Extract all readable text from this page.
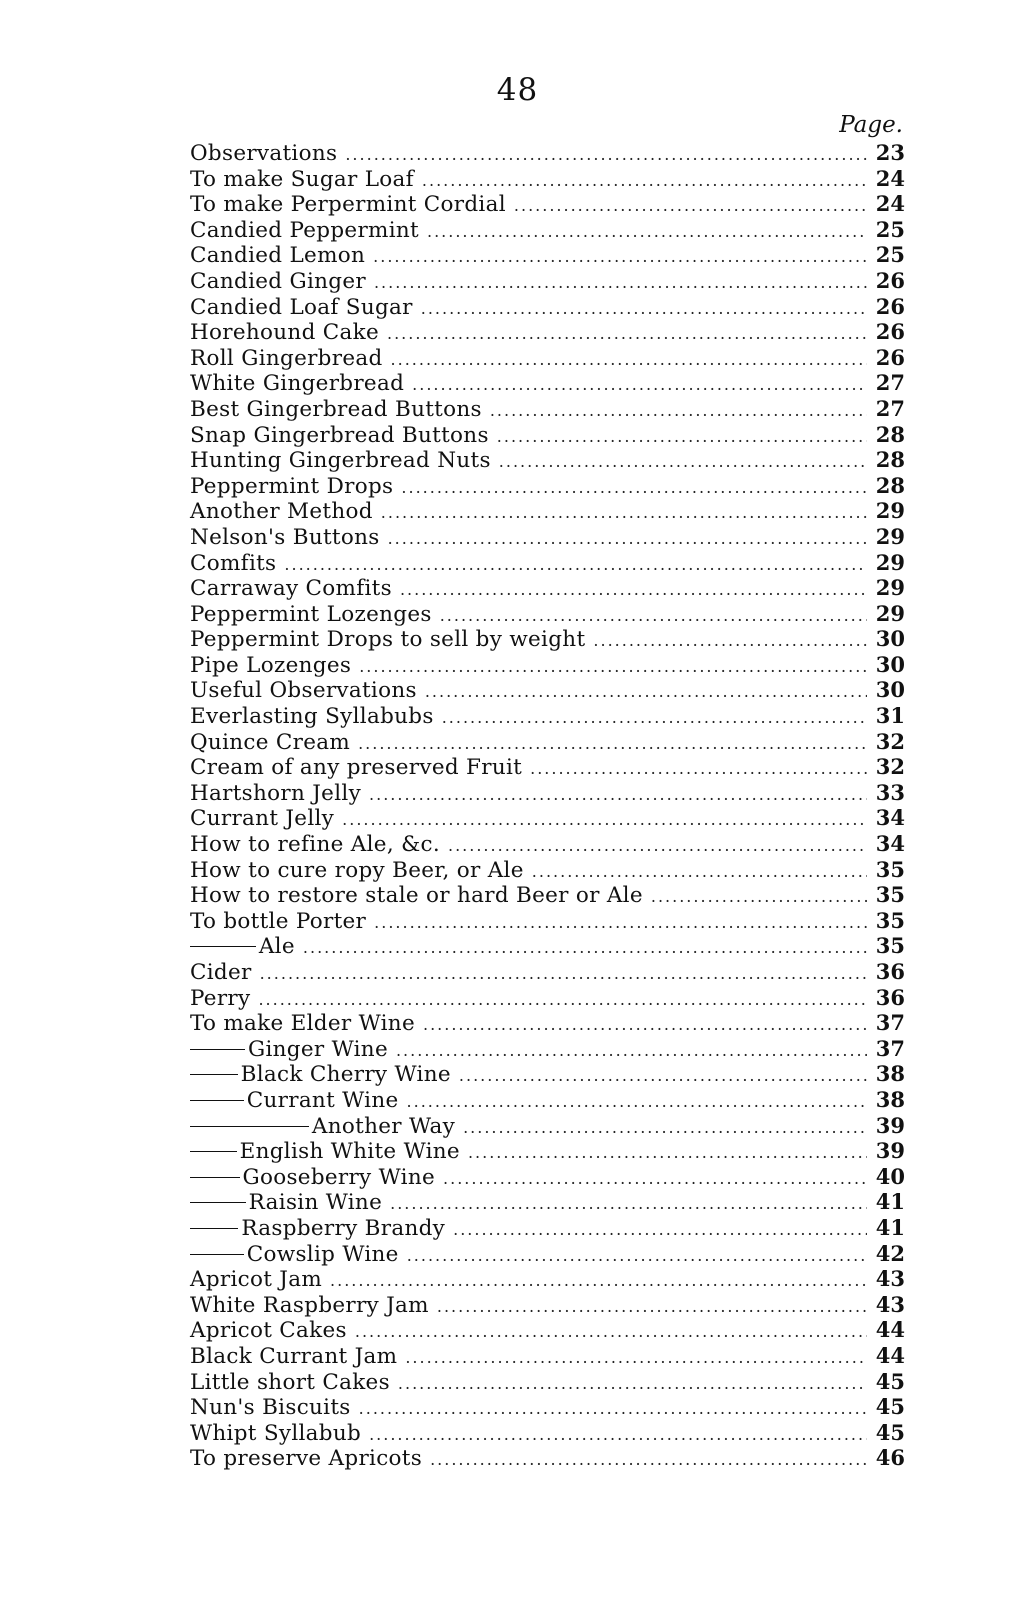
48
Page.
Observations .....	23
To make Sugar Loaf .....	24
To make Perpermint Cordial .....	24
Candied Peppermint .....	25
Candied Lemon .....	25
Candied Ginger .....	26
Candied Loaf Sugar .....	26
Horehound Cake .....	26
Roll Gingerbread .....	26
White Gingerbread .....	27
Best Gingerbread Buttons .....	27
Snap Gingerbread Buttons .....	28
Hunting Gingerbread Nuts .....	28
Peppermint Drops .....	28
Another Method .....	29
Nelson's Buttons .....	29
Comfits .....	29
Carraway Comfits .....	29
Peppermint Lozenges .....	29
Peppermint Drops to sell by weight .....	30
Pipe Lozenges .....	30
Useful Observations .....	30
Everlasting Syllabubs .....	31
Quince Cream .....	32
Cream of any preserved Fruit .....	32
Hartshorn Jelly .....	33
Currant Jelly .....	34
How to refine Ale, &c. .....	34
How to cure ropy Beer, or Ale .....	35
How to restore stale or hard Beer or Ale .....	35
To bottle Porter .....	35
Ale .....	35
Cider .....	36
Perry .....	36
To make Elder Wine .....	37
Ginger Wine .....	37
Black Cherry Wine .....	38
Currant Wine .....	38
Another Way .....	39
English White Wine .....	39
Gooseberry Wine .....	40
Raisin Wine .....	41
Raspberry Brandy .....	41
Cowslip Wine .....	42
Apricot Jam .....	43
White Raspberry Jam .....	43
Apricot Cakes .....	44
Black Currant Jam .....	44
Little short Cakes .....	45
Nun's Biscuits .....	45
Whipt Syllabub .....	45
To preserve Apricots .....	46
